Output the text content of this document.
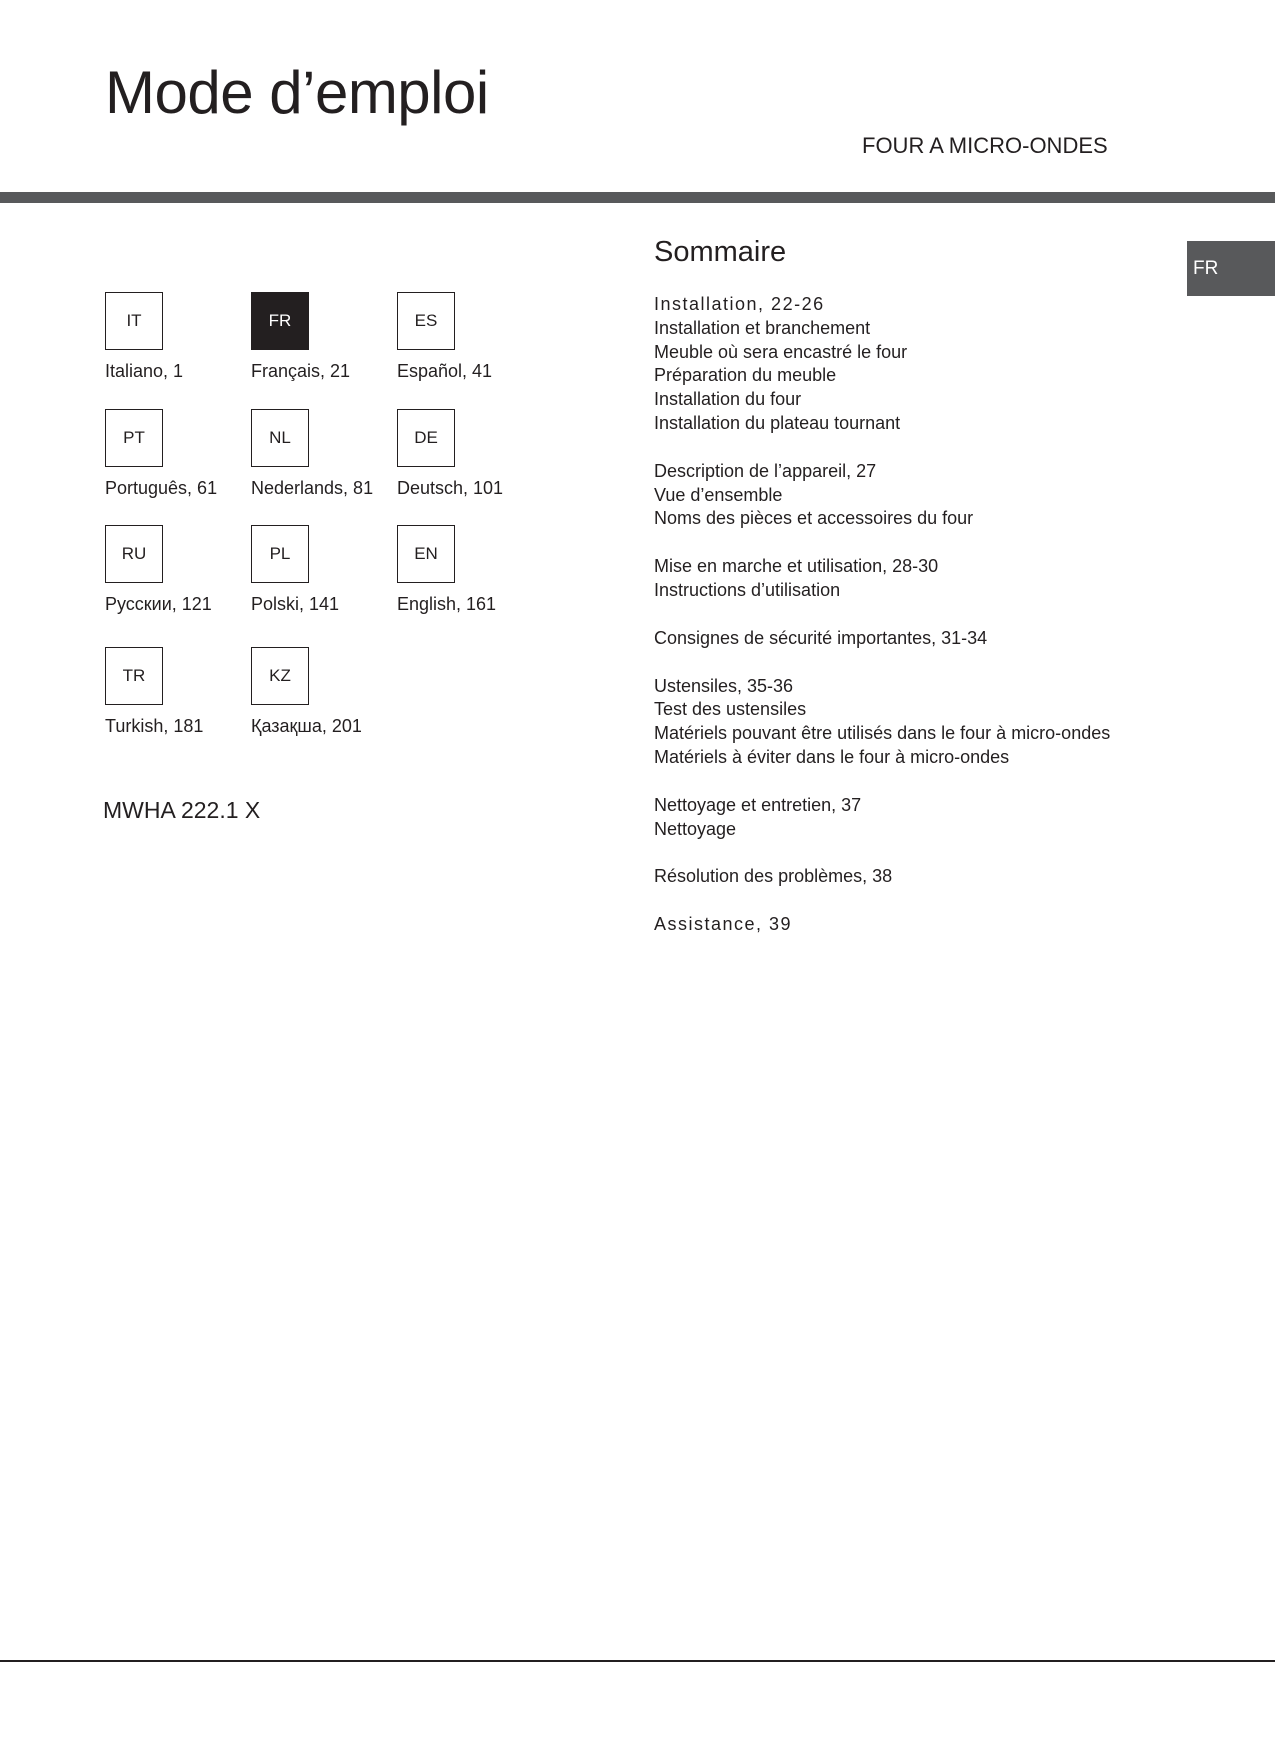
Mode d’emploi
FOUR A MICRO-ONDES
FR
IT
Italiano, 1
FR
Français, 21
ES
Español, 41
PT
Português, 61
NL
Nederlands, 81
DE
Deutsch, 101
RU
Русскии, 121
PL
Polski, 141
EN
English, 161
TR
Turkish, 181
KZ
Қазақша, 201
MWHA 222.1 X
Sommaire
Installation, 22-26
Installation et branchement
Meuble où sera encastré le four
Préparation du meuble
Installation du four
Installation du plateau tournant
Description de l’appareil, 27
Vue d’ensemble
Noms des pièces et accessoires du four
Mise en marche et utilisation, 28-30
Instructions d’utilisation
Consignes de sécurité importantes, 31-34
Ustensiles, 35-36
Test des ustensiles
Matériels pouvant être utilisés dans le four à micro-ondes
Matériels à éviter dans le four à micro-ondes
Nettoyage et entretien, 37
Nettoyage
Résolution des problèmes, 38
Assistance, 39
